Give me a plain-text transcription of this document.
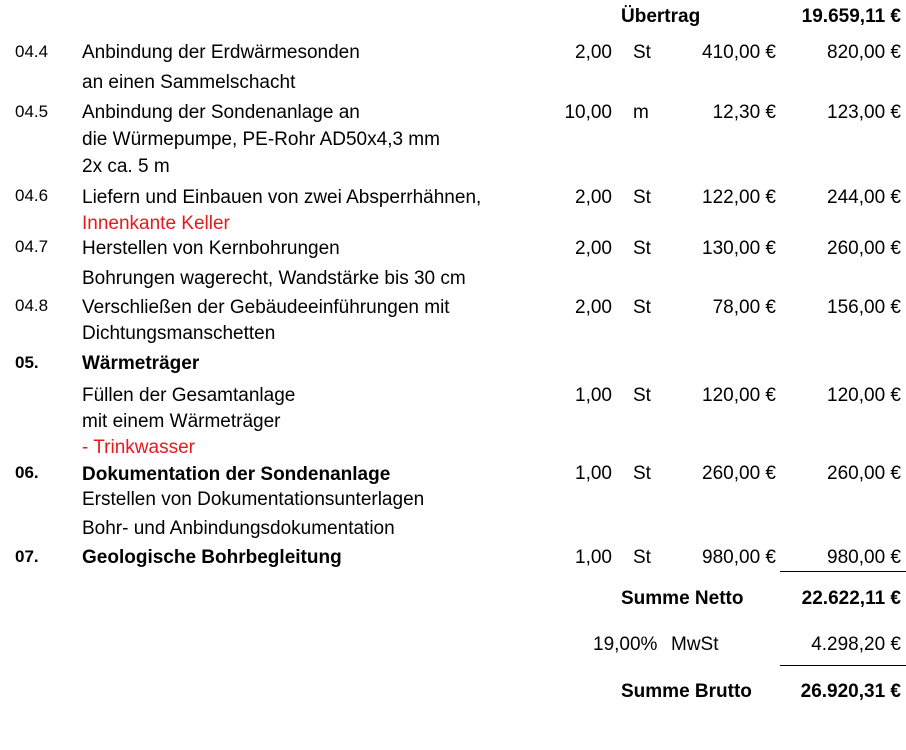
Übertrag	19.659,11 €
04.4 Anbindung der Erdwärmesonden
an einen Sammelschacht
2,00 St	410,00 €	820,00 €
04.5 Anbindung der Sondenanlage an
die Würmepumpe, PE-Rohr AD50x4,3 mm
2x ca. 5 m
10,00 m	12,30 €	123,00 €
04.6 Liefern und Einbauen von zwei Absperrhähnen,
Innenkante Keller
2,00 St	122,00 €	244,00 €
04.7 Herstellen von Kernbohrungen
Bohrungen wagerecht, Wandstärke bis 30 cm
2,00 St	130,00 €	260,00 €
04.8 Verschließen der Gebäudeeinführungen mit
Dichtungsmanschetten
2,00 St	78,00 €	156,00 €
05. Wärmeträger
Füllen der Gesamtanlage
mit einem Wärmeträger
- Trinkwasser
1,00 St	120,00 €	120,00 €
06. Dokumentation der Sondenanlage
Erstellen von Dokumentationsunterlagen
Bohr- und Anbindungsdokumentation
1,00 St	260,00 €	260,00 €
07. Geologische Bohrbegleitung	1,00 St	980,00 €	980,00 €
Summe Netto	22.622,11 €
19,00% MwSt	4.298,20 €
Summe Brutto	26.920,31 €
